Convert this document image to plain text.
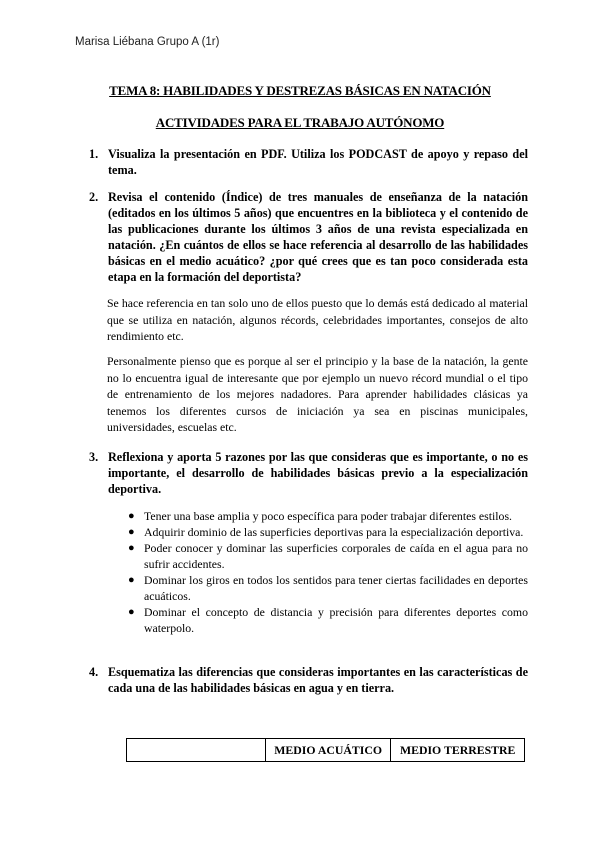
Marisa Liébana Grupo A (1r)
TEMA 8: HABILIDADES Y DESTREZAS BÁSICAS EN NATACIÓN
ACTIVIDADES PARA EL TRABAJO AUTÓNOMO
1. Visualiza la presentación en PDF. Utiliza los PODCAST de apoyo y repaso del tema.
2. Revisa el contenido (Índice) de tres manuales de enseñanza de la natación (editados en los últimos 5 años) que encuentres en la biblioteca y el contenido de las publicaciones durante los últimos 3 años de una revista especializada en natación. ¿En cuántos de ellos se hace referencia al desarrollo de las habilidades básicas en el medio acuático? ¿por qué crees que es tan poco considerada esta etapa en la formación del deportista?
Se hace referencia en tan solo uno de ellos puesto que lo demás está dedicado al material que se utiliza en natación, algunos récords, celebridades importantes, consejos de alto rendimiento etc.
Personalmente pienso que es porque al ser el principio y la base de la natación, la gente no lo encuentra igual de interesante que por ejemplo un nuevo récord mundial o el tipo de entrenamiento de los mejores nadadores. Para aprender habilidades clásicas ya tenemos los diferentes cursos de iniciación ya sea en piscinas municipales, universidades, escuelas etc.
3. Reflexiona y aporta 5 razones por las que consideras que es importante, o no es importante, el desarrollo de habilidades básicas previo a la especialización deportiva.
● Tener una base amplia y poco específica para poder trabajar diferentes estilos.
● Adquirir dominio de las superficies deportivas para la especialización deportiva.
● Poder conocer y dominar las superficies corporales de caída en el agua para no sufrir accidentes.
● Dominar los giros en todos los sentidos para tener ciertas facilidades en deportes acuáticos.
● Dominar el concepto de distancia y precisión para diferentes deportes como waterpolo.
4. Esquematiza las diferencias que consideras importantes en las características de cada una de las habilidades básicas en agua y en tierra.
	MEDIO ACUÁTICO	MEDIO TERRESTRE
